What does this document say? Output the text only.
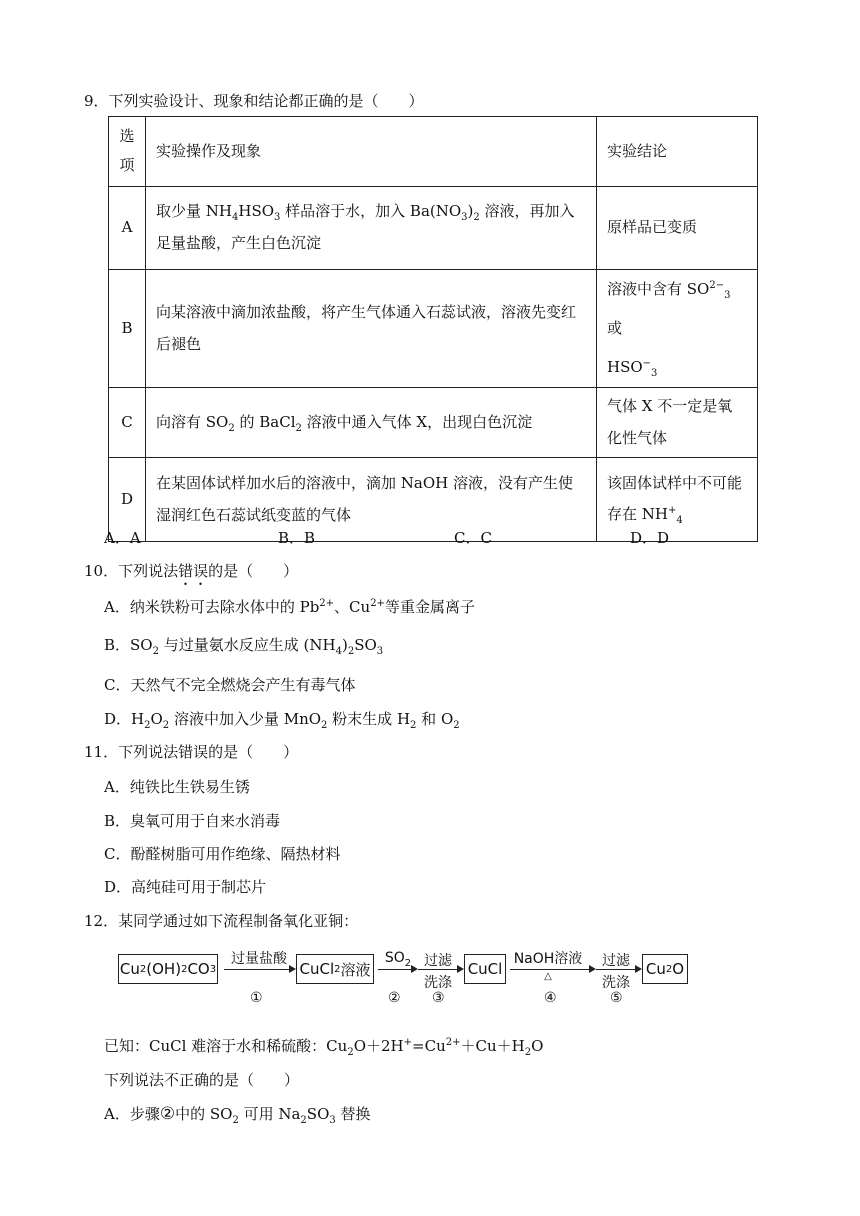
9．下列实验设计、现象和结论都正确的是（　　）
选项	实验操作及现象	实验结论
A	取少量 $NH_4HSO_3$ 样品溶于水，加入 $Ba(NO_3)_2$ 溶液，再加入足量盐酸，产生白色沉淀	原样品已变质
B	向某溶液中滴加浓盐酸，将产生气体通入石蕊试液，溶液先变红后褪色	溶液中含有 $SO^{2-}_3$ 或
$HSO^-_3$
C	向溶有 $SO_2$ 的 BaCl$_2$ 溶液中通入气体 X，出现白色沉淀	气体 X 不一定是氧化性气体
D	在某固体试样加水后的溶液中，滴加 NaOH 溶液，没有产生使湿润红色石蕊试纸变蓝的气体	该固体试样中不可能存在 $NH^+_4$
A．A	B．B	C．C	D．D
10．下列说法错误的是（　　）
A．纳米铁粉可去除水体中的 $Pb^{2+}$、$Cu^{2+}$等重金属离子
B．$SO_2$ 与过量氨水反应生成 $(NH_4)_2SO_3$
C．天然气不完全燃烧会产生有毒气体
D．$H_2O_2$ 溶液中加入少量 MnO$_2$ 粉末生成 $H_2$ 和 $O_2$
11．下列说法错误的是（　　）
A．纯铁比生铁易生锈
B．臭氧可用于自来水消毒
C．酚醛树脂可用作绝缘、隔热材料
D．高纯硅可用于制芯片
12．某同学通过如下流程制备氧化亚铜：
Cu 2 (OH) 2 CO 3
过量盐酸
①
CuCl 2 溶液
$SO_2$
②
过滤
洗涤
③
CuCl
NaOH溶液
△
④
过滤
洗涤
⑤
Cu 2 O
已知：CuCl 难溶于水和稀硫酸：$Cu_2O+2H^+=Cu^{2+}+Cu+H_2O$
下列说法不正确的是（　　）
A．步骤②中的 $SO_2$ 可用 $Na_2SO_3$ 替换
